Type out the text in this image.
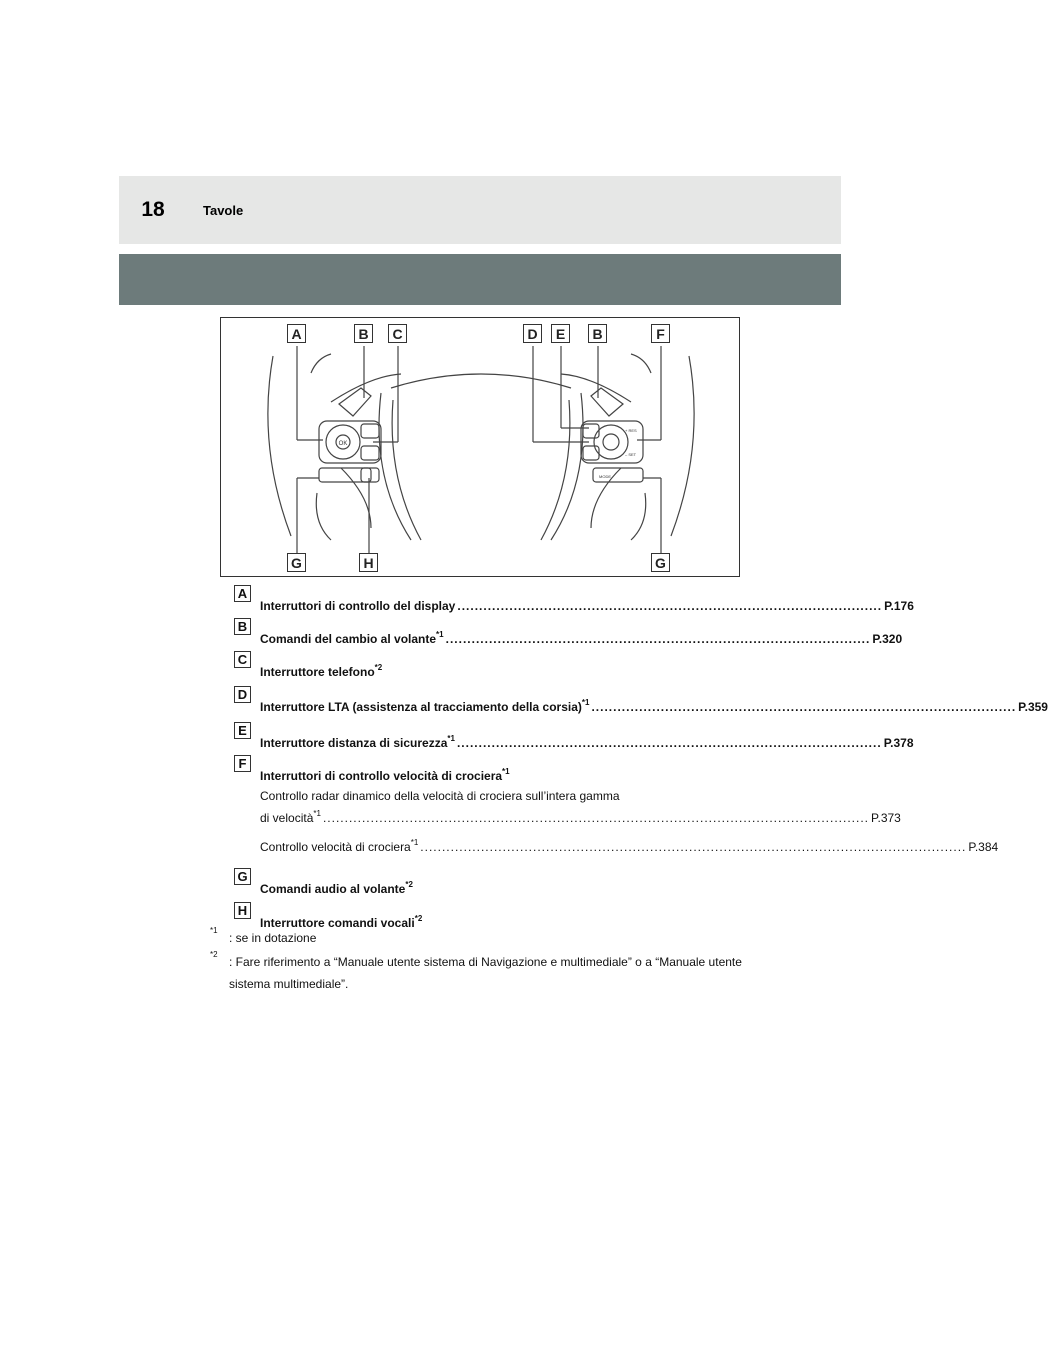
18	Tavole
OK
+ RES
– SET
MODE
A	B	C	D	E	B	F
G	H	G
A
Interruttori di controllo del display .................................................................................................. P.176
B
Comandi del cambio al volante$^{*1}$ .................................................................................................. P.320
C
Interruttore telefono$^{*2}$
D
Interruttore LTA (assistenza al tracciamento della corsia)$^{*1}$ .................................................................................................. P.359
E
Interruttore distanza di sicurezza$^{*1}$ .................................................................................................. P.378
F
Interruttori di controllo velocità di crociera$^{*1}$
Controllo radar dinamico della velocità di crociera sull’intera gamma
di velocità$^{*1}$ .............................................................................................................................. P.373
Controllo velocità di crociera$^{*1}$ .............................................................................................................................. P.384
G
Comandi audio al volante$^{*2}$
H
Interruttore comandi vocali$^{*2}$
*1
: se in dotazione
*2
: Fare riferimento a “Manuale utente sistema di Navigazione e multimediale” o a “Manuale utente sistema multimediale”.
